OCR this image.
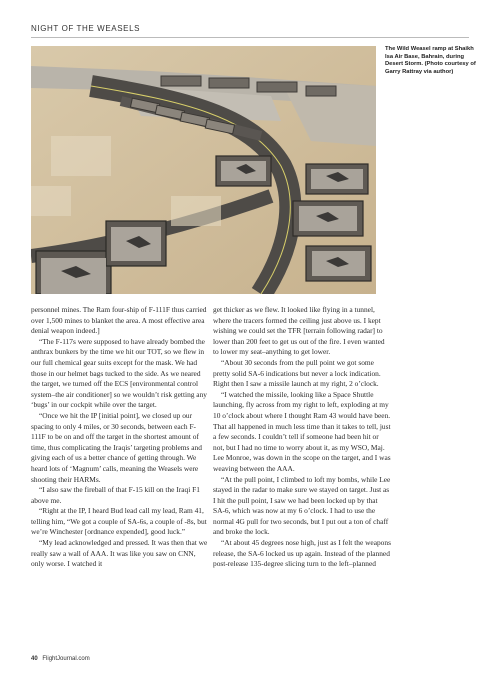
NIGHT OF THE WEASELS
The Wild Weasel ramp at Shaikh Isa Air Base, Bahrain, during Desert Storm. (Photo courtesy of Garry Rattray via author)

personnel mines. The Ram four-ship of F-111F thus carried over 1,500 mines to blanket the area. A most effective area denial weapon indeed.]

“The F-117s were supposed to have already bombed the anthrax bunkers by the time we hit our TOT, so we flew in our full chemical gear suits except for the mask. We had those in our helmet bags tucked to the side. As we neared the target, we turned off the ECS [environmental control system–the air conditioner] so we wouldn’t risk getting any ‘bugs’ in our cockpit while over the target.

“Once we hit the IP [initial point], we closed up our spacing to only 4 miles, or 30 seconds, between each F-111F to be on and off the target in the shortest amount of time, thus complicating the Iraqis’ targeting problems and giving each of us a better chance of getting through. We heard lots of ‘Magnum’ calls, meaning the Weasels were shooting their HARMs.

“I also saw the fireball of that F-15 kill on the Iraqi F1 above me.

“Right at the IP, I heard Bud lead call my lead, Ram 41, telling him, “We got a couple of SA-6s, a couple of -8s, but we’re Winchester [ordnance expended], good luck.”

“My lead acknowledged and pressed. It was then that we really saw a wall of AAA. It was like you saw on CNN, only worse. I watched it

get thicker as we flew. It looked like flying in a tunnel, where the tracers formed the ceiling just above us. I kept wishing we could set the TFR [terrain following radar] to lower than 200 feet to get us out of the fire. I even wanted to lower my seat–anything to get lower.

“About 30 seconds from the pull point we got some pretty solid SA-6 indications but never a lock indication. Right then I saw a missile launch at my right, 2 o’clock.

“I watched the missile, looking like a Space Shuttle launching, fly across from my right to left, exploding at my 10 o’clock about where I thought Ram 43 would have been. That all happened in much less time than it takes to tell, just a few seconds. I couldn’t tell if someone had been hit or not, but I had no time to worry about it, as my WSO, Maj. Lee Monroe, was down in the scope on the target, and I was weaving between the AAA.

“At the pull point, I climbed to loft my bombs, while Lee stayed in the radar to make sure we stayed on target. Just as I hit the pull point, I saw we had been locked up by that SA-6, which was now at my 6 o’clock. I had to use the normal 4G pull for two seconds, but I put out a ton of chaff and broke the lock.

“At about 45 degrees nose high, just as I felt the weapons release, the SA-6 locked us up again. Instead of the planned post-release 135-degree slicing turn to the left–planned

40 FlightJournal.com
